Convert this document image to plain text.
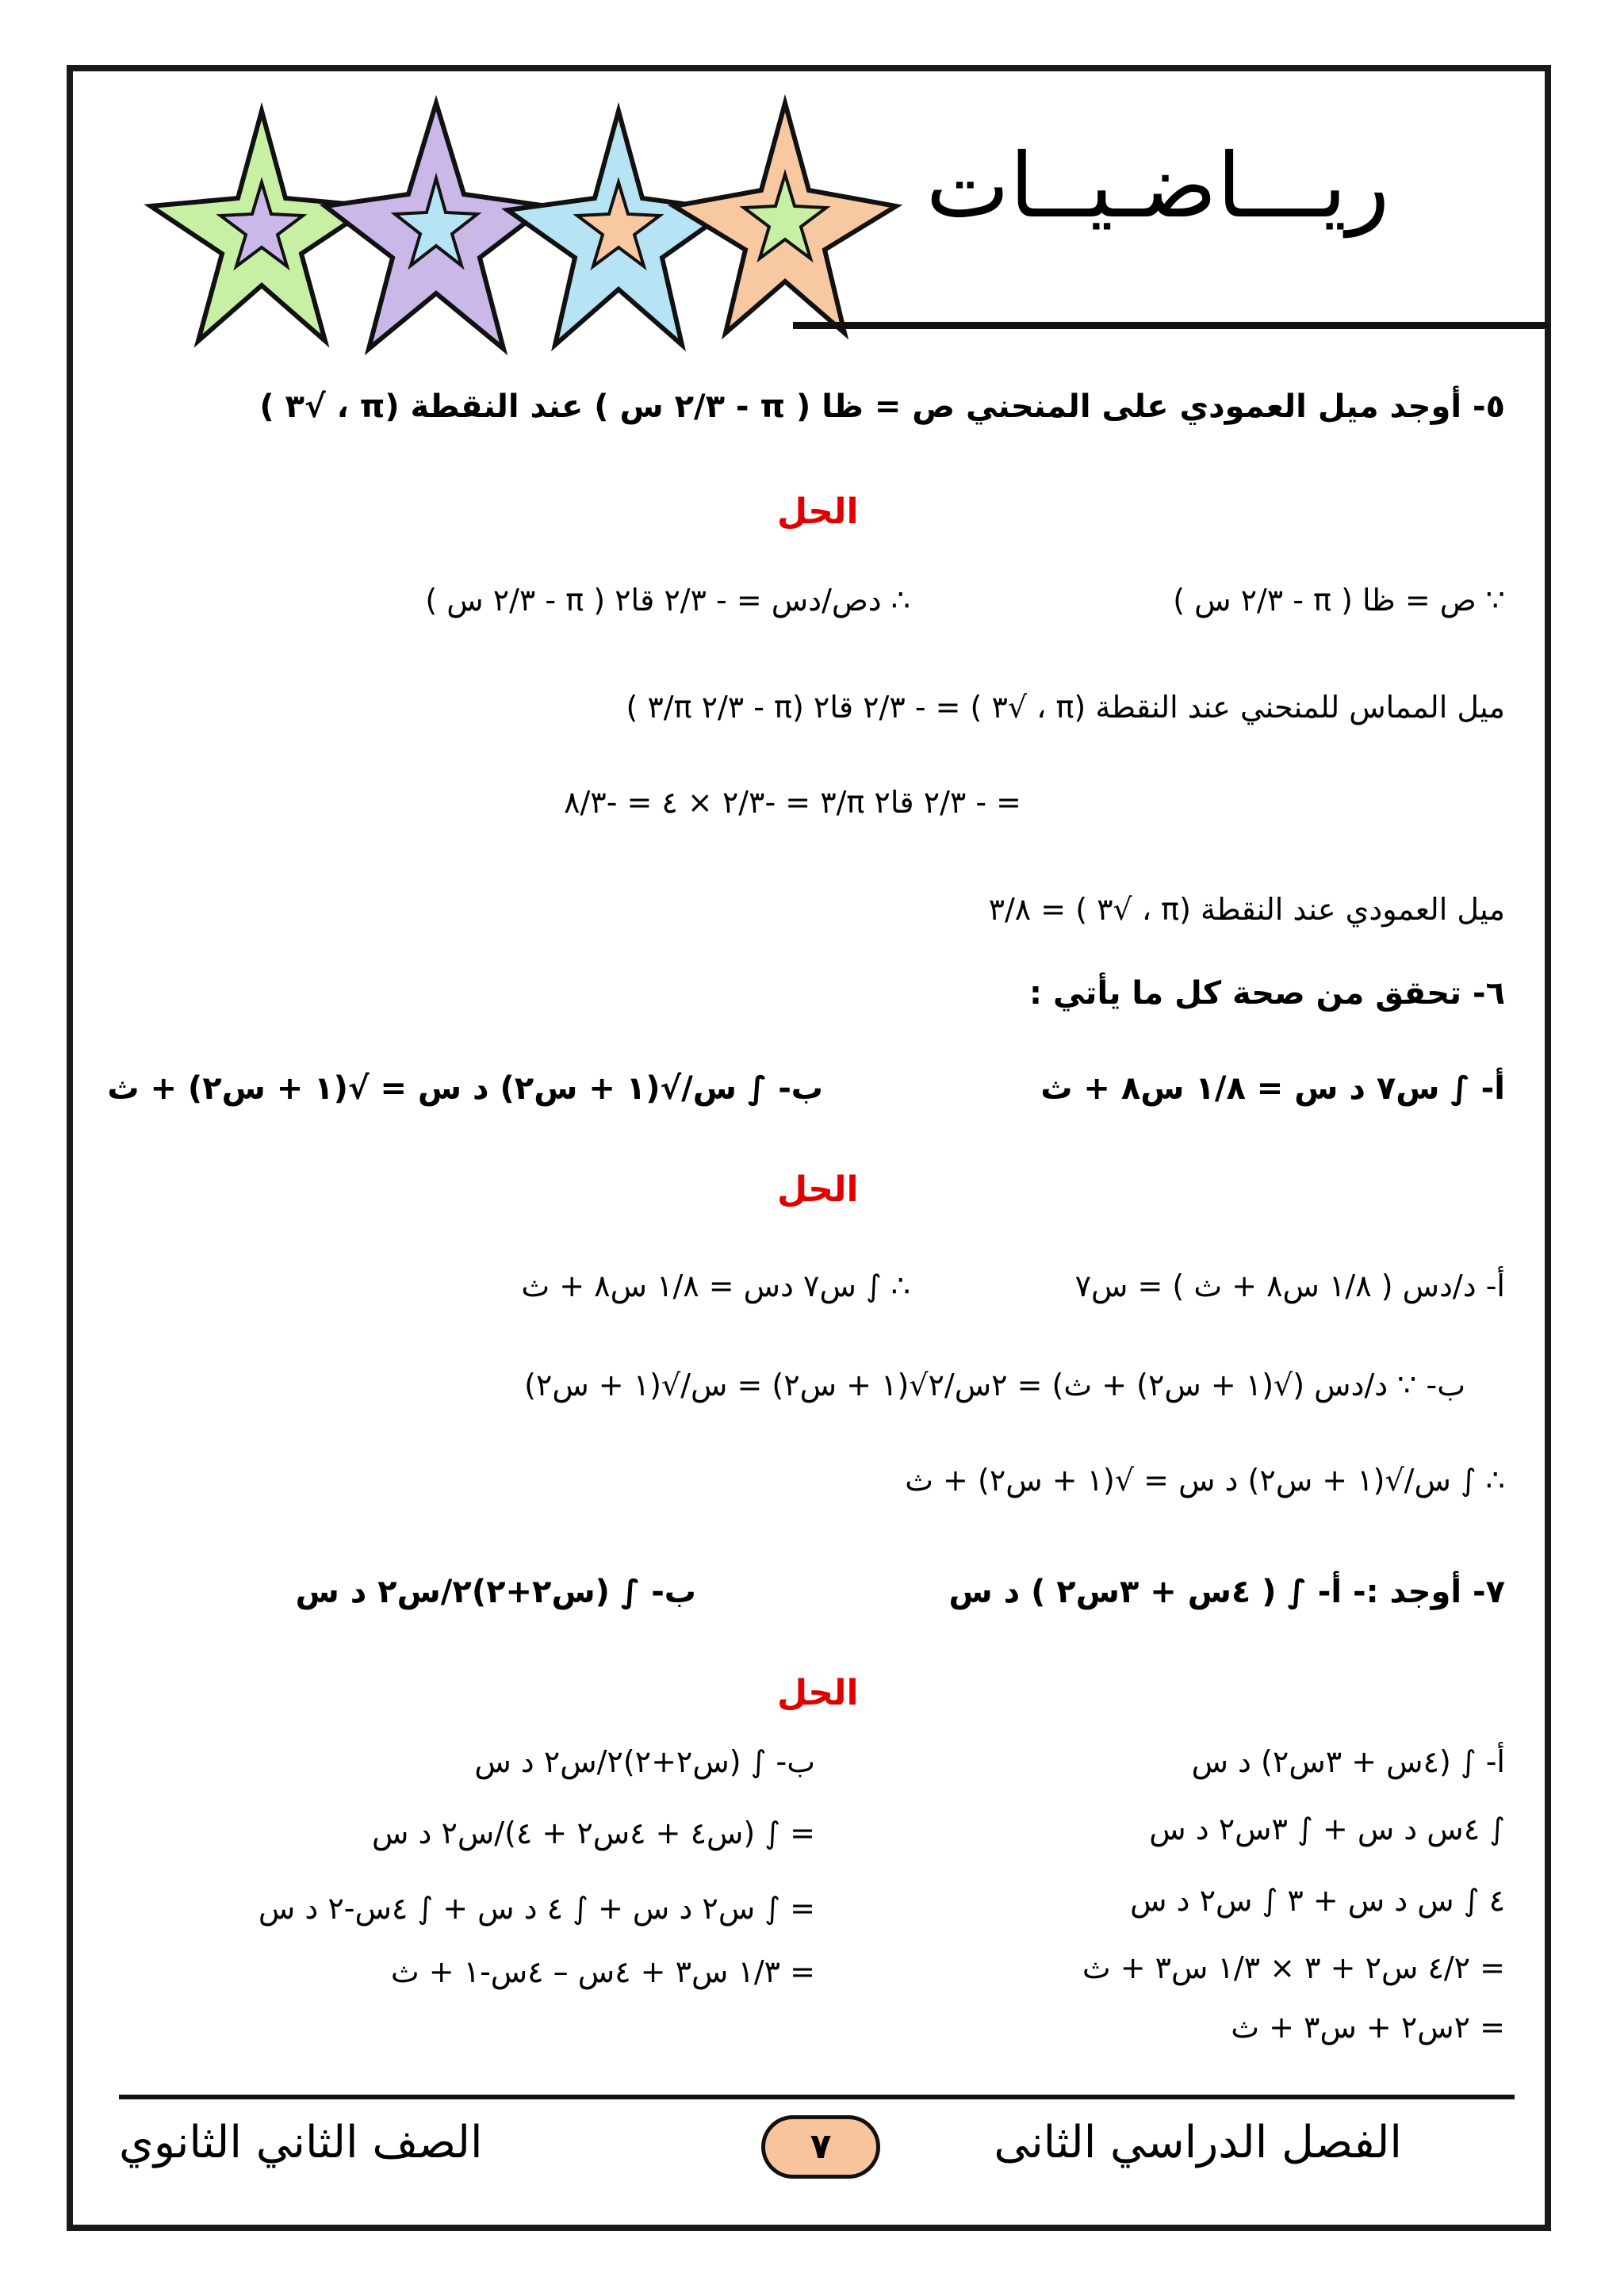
ريـــاضـيــات
٥- أوجد ميل العمودي على المنحني ص = ظا ( π - ٢/٣ س ) عند النقطة (π ، √٣ )
الحل
∵ ص = ظا ( π - ٢/٣ س )
∴ دص/دس = - ٢/٣ قا٢ ( π - ٢/٣ س )
ميل المماس للمنحني عند النقطة (π ، √٣ ) = - ٢/٣ قا٢ (π - ٢/٣ π/٣ )
= - ٢/٣ قا٢ π/٣ = -٢/٣ × ٤ = -٨/٣
ميل العمودي عند النقطة (π ، √٣ ) = ٣/٨
٦- تحقق من صحة كل ما يأتي :
أ- ∫ س٧ د س = ١/٨ س٨ + ث
ب- ∫ س/√(١ + س٢) د س = √(١ + س٢) + ث
الحل
أ- د/دس ( ١/٨ س٨ + ث ) = س٧
∴ ∫ س٧ دس = ١/٨ س٨ + ث
ب- ∵ د/دس (√(١ + س٢) + ث) = ٢س/٢√(١ + س٢) = س/√(١ + س٢)
∴ ∫ س/√(١ + س٢) د س = √(١ + س٢) + ث
٧- أوجد :- أ- ∫ ( ٤س + ٣س٢ ) د س
ب- ∫ (س٢+٢)٢/س٢ د س
الحل
أ- ∫ (٤س + ٣س٢) د س
∫ ٤س د س + ∫ ٣س٢ د س
٤ ∫ س د س + ٣ ∫ س٢ د س
= ٤/٢ س٢ + ٣ × ١/٣ س٣ + ث
= ٢س٢ + س٣ + ث
ب- ∫ (س٢+٢)٢/س٢ د س
= ∫ (س٤ + ٤س٢ + ٤)/س٢ د س
= ∫ س٢ د س + ∫ ٤ د س + ∫ ٤س-٢ د س
= ١/٣ س٣ + ٤س – ٤س-١ + ث
الفصل الدراسي الثانى
٧
الصف الثاني الثانوي
